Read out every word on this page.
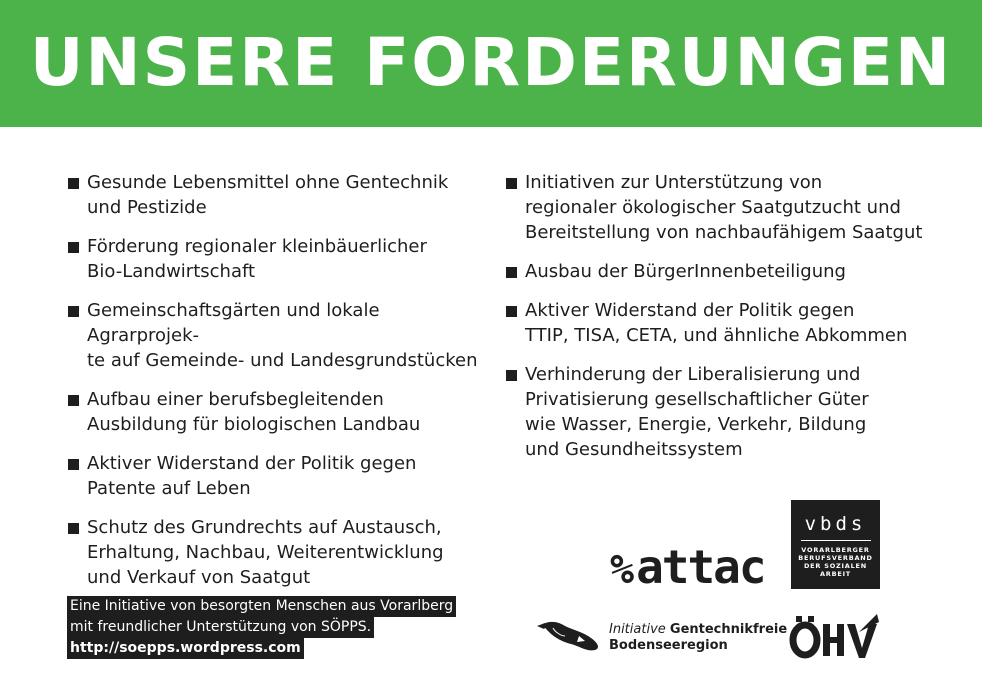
UNSERE FORDERUNGEN
Gesunde Lebensmittel ohne Gentechnik
und Pestizide
Förderung regionaler kleinbäuerlicher
Bio-Landwirtschaft
Gemeinschaftsgärten und lokale Agrarprojek-
te auf Gemeinde- und Landesgrundstücken
Aufbau einer berufsbegleitenden
Ausbildung für biologischen Landbau
Aktiver Widerstand der Politik gegen
Patente auf Leben
Schutz des Grundrechts auf Austausch,
Erhaltung, Nachbau, Weiterentwicklung
und Verkauf von Saatgut
Initiativen zur Unterstützung von
regionaler ökologischer Saatgutzucht und
Bereitstellung von nachbaufähigem Saatgut
Ausbau der BürgerInnenbeteiligung
Aktiver Widerstand der Politik gegen
TTIP, TISA, CETA, und ähnliche Abkommen
Verhinderung der Liberalisierung und
Privatisierung gesellschaftlicher Güter
wie Wasser, Energie, Verkehr, Bildung
und Gesundheitssystem
Eine Initiative von besorgten Menschen aus Vorarlberg
mit freundlicher Unterstützung von SÖPPS.
http://soepps.wordpress.com
%attac
vbds
VORARLBERGER
BERUFSVERBAND
DER SOZIALEN ARBEIT
Initiative Gentechnikfreie
Bodenseeregion
